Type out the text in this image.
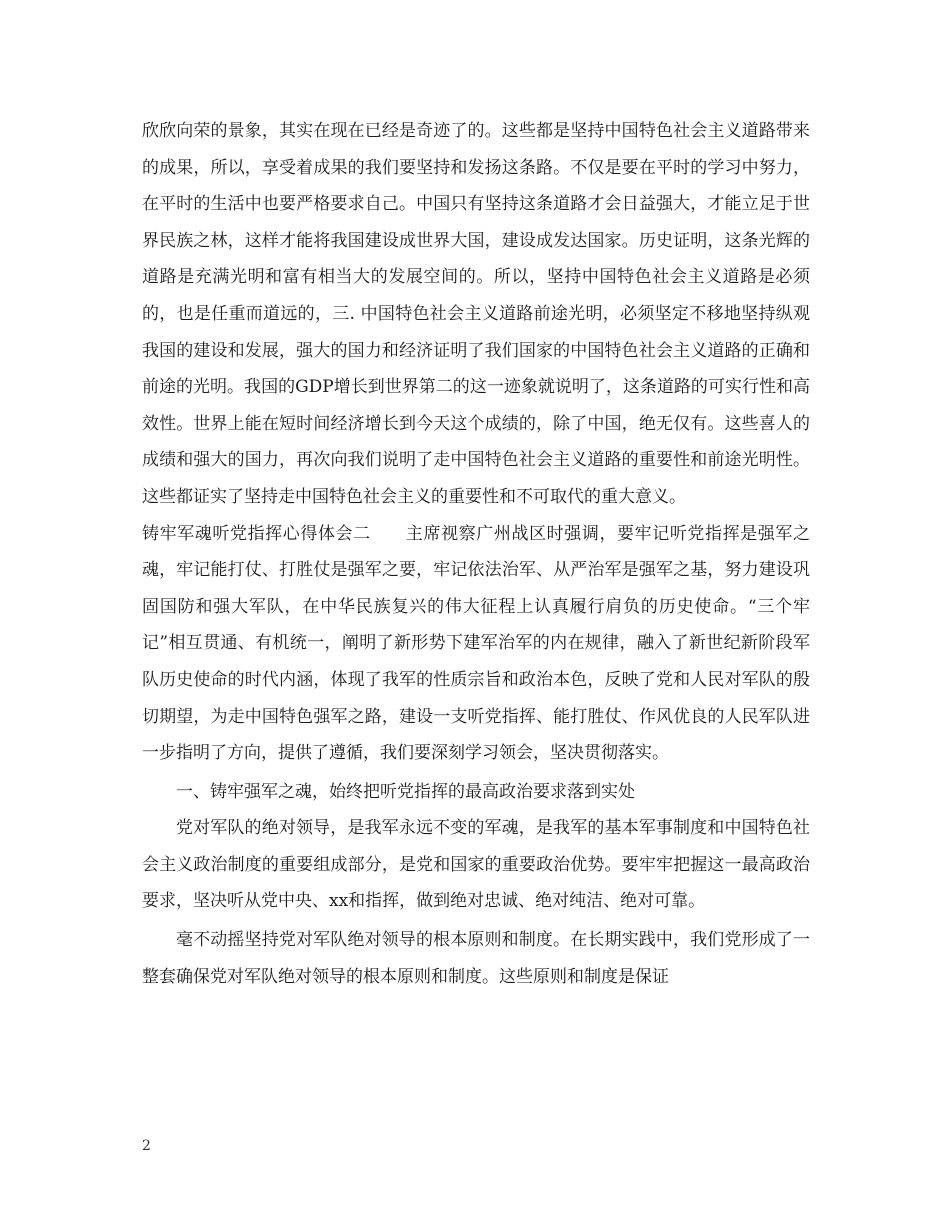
欣欣向荣的景象，其实在现在已经是奇迹了的。这些都是坚持中国特色社会主义道路带来的成果，所以，享受着成果的我们要坚持和发扬这条路。不仅是要在平时的学习中努力，在平时的生活中也要严格要求自己。中国只有坚持这条道路才会日益强大，才能立足于世界民族之林，这样才能将我国建设成世界大国，建设成发达国家。历史证明，这条光辉的道路是充满光明和富有相当大的发展空间的。所以，坚持中国特色社会主义道路是必须的，也是任重而道远的，三. 中国特色社会主义道路前途光明，必须坚定不移地坚持纵观我国的建设和发展，强大的国力和经济证明了我们国家的中国特色社会主义道路的正确和前途的光明。我国的GDP增长到世界第二的这一迹象就说明了，这条道路的可实行性和高效性。世界上能在短时间经济增长到今天这个成绩的，除了中国，绝无仅有。这些喜人的成绩和强大的国力，再次向我们说明了走中国特色社会主义道路的重要性和前途光明性。这些都证实了坚持走中国特色社会主义的重要性和不可取代的重大意义。

铸牢军魂听党指挥心得体会二　　主席视察广州战区时强调，要牢记听党指挥是强军之魂，牢记能打仗、打胜仗是强军之要，牢记依法治军、从严治军是强军之基，努力建设巩固国防和强大军队，在中华民族复兴的伟大征程上认真履行肩负的历史使命。“三个牢记”相互贯通、有机统一，阐明了新形势下建军治军的内在规律，融入了新世纪新阶段军队历史使命的时代内涵，体现了我军的性质宗旨和政治本色，反映了党和人民对军队的殷切期望，为走中国特色强军之路，建设一支听党指挥、能打胜仗、作风优良的人民军队进一步指明了方向，提供了遵循，我们要深刻学习领会，坚决贯彻落实。

一、铸牢强军之魂，始终把听党指挥的最高政治要求落到实处

党对军队的绝对领导，是我军永远不变的军魂，是我军的基本军事制度和中国特色社会主义政治制度的重要组成部分，是党和国家的重要政治优势。要牢牢把握这一最高政治要求，坚决听从党中央、xx和指挥，做到绝对忠诚、绝对纯洁、绝对可靠。

毫不动摇坚持党对军队绝对领导的根本原则和制度。在长期实践中，我们党形成了一整套确保党对军队绝对领导的根本原则和制度。这些原则和制度是保证

2
